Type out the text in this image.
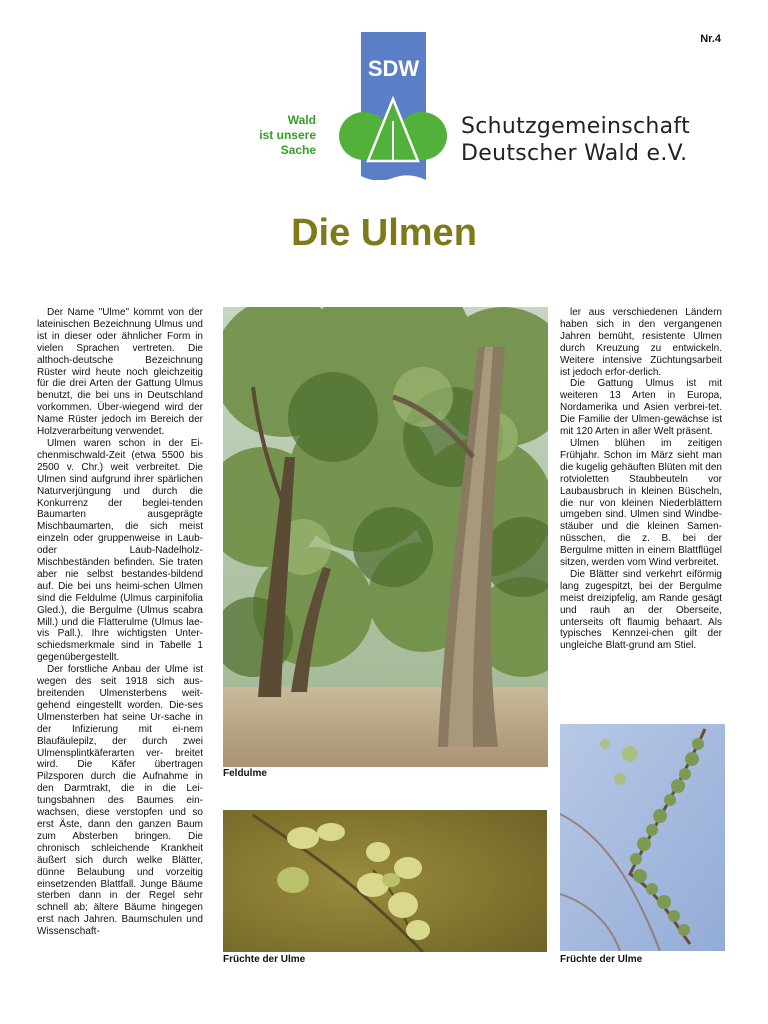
Nr.4
SDW
Wald
ist unsere
Sache
Schutzgemeinschaft
Deutscher Wald e.V.
Die Ulmen

Der Name "Ulme" kommt von der lateinischen Bezeichnung Ulmus und ist in dieser oder ähnlicher Form in vielen Sprachen vertreten. Die althoch-deutsche Bezeichnung Rüster wird heute noch gleichzeitig für die drei Arten der Gattung Ulmus benutzt, die bei uns in Deutschland vorkommen. Über-wiegend wird der Name Rüster jedoch im Bereich der Holzverarbeitung verwendet.

Ulmen waren schon in der Ei-chenmischwald-Zeit (etwa 5500 bis 2500 v. Chr.) weit verbreitet. Die Ulmen sind aufgrund ihrer spärlichen Naturverjüngung und durch die Konkurrenz der beglei-tenden Baumarten ausgeprägte Mischbaumarten, die sich meist einzeln oder gruppenweise in Laub- oder Laub-Nadelholz-Mischbeständen befinden. Sie traten aber nie selbst bestandes-bildend auf. Die bei uns heimi-schen Ulmen sind die Feldulme (Ulmus carpinifolia Gled.), die Bergulme (Ulmus scabra Mill.) und die Flatterulme (Ulmus lae-vis Pall.). Ihre wichtigsten Unter-schiedsmerkmale sind in Tabelle 1 gegenübergestellt.

Der forstliche Anbau der Ulme ist wegen des seit 1918 sich aus-breitenden Ulmensterbens weit-gehend eingestellt worden. Die-ses Ulmensterben hat seine Ur-sache in der Infizierung mit ei-nem Blaufäulepilz, der durch zwei Ulmensplintkäferarten ver- breitet wird. Die Käfer übertragen Pilzsporen durch die Aufnahme in den Darmtrakt, die in die Lei-tungsbahnen des Baumes ein-wachsen, diese verstopfen und so erst Äste, dann den ganzen Baum zum Absterben bringen. Die chronisch schleichende Krankheit äußert sich durch welke Blätter, dünne Belaubung und vorzeitig einsetzenden Blattfall. Junge Bäume sterben dann in der Regel sehr schnell ab; ältere Bäume hingegen erst nach Jahren. Baumschulen und Wissenschaft-

Feldulme

ler aus verschiedenen Ländern haben sich in den vergangenen Jahren bemüht, resistente Ulmen durch Kreuzung zu entwickeln. Weitere intensive Züchtungsarbeit ist jedoch erfor-derlich.

Die Gattung Ulmus ist mit weiteren 13 Arten in Europa, Nordamerika und Asien verbrei-tet. Die Familie der Ulmen-gewächse ist mit 120 Arten in aller Welt präsent.

Ulmen blühen im zeitigen Frühjahr. Schon im März sieht man die kugelig gehäuften Blüten mit den rotvioletten Staubbeuteln vor Laubausbruch in kleinen Büscheln, die nur von kleinen Niederblättern umgeben sind. Ulmen sind Windbe-stäuber und die kleinen Samen-nüsschen, die z. B. bei der Bergulme mitten in einem Blattflügel sitzen, werden vom Wind verbreitet.

Die Blätter sind verkehrt eiförmig lang zugespitzt, bei der Bergulme meist dreizipfelig, am Rande gesägt und rauh an der Oberseite, unterseits oft flaumig behaart. Als typisches Kennzei-chen gilt der ungleiche Blatt-grund am Stiel.

Früchte der Ulme	Früchte der Ulme
